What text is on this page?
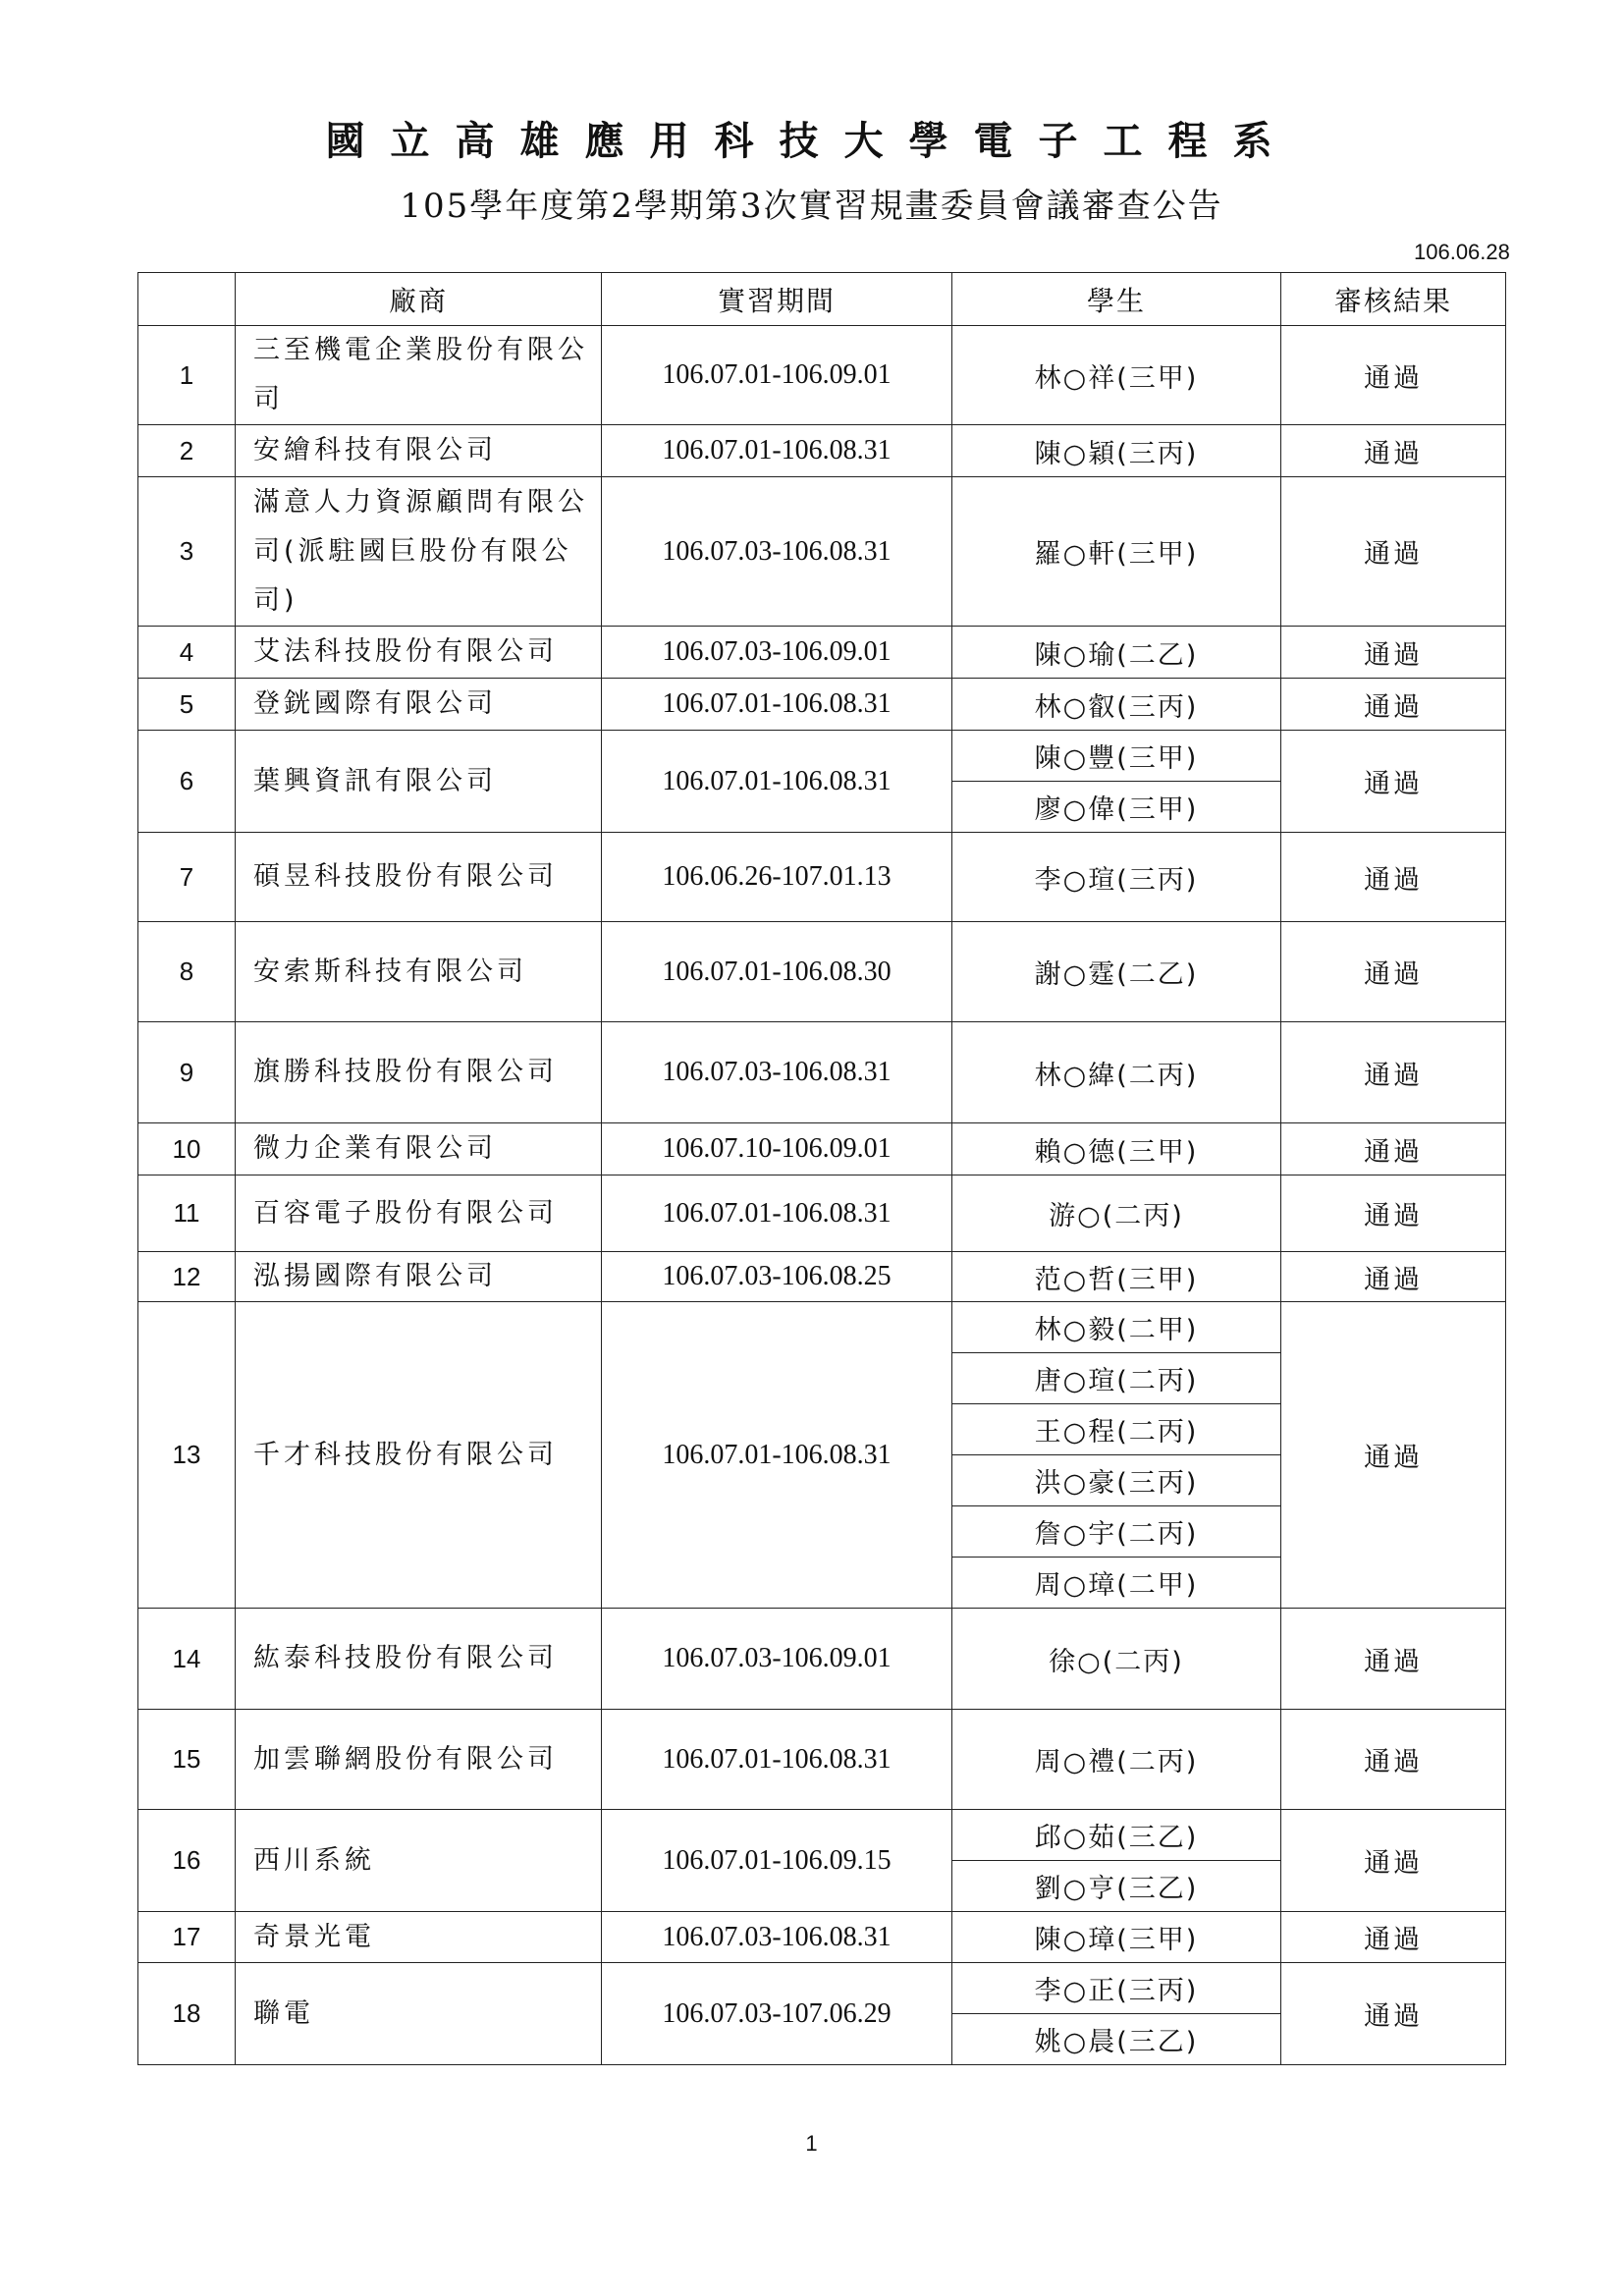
國立高雄應用科技大學電子工程系
105學年度第2學期第3次實習規畫委員會議審查公告
106.06.28
	廠商	實習期間	學生	審核結果
1	三至機電企業股份有限公司	106.07.01-106.09.01	林○祥(三甲)	通過
2	安繪科技有限公司	106.07.01-106.08.31	陳○穎(三丙)	通過
3	滿意人力資源顧問有限公司(派駐國巨股份有限公司)	106.07.03-106.08.31	羅○軒(三甲)	通過
4	艾法科技股份有限公司	106.07.03-106.09.01	陳○瑜(二乙)	通過
5	登銧國際有限公司	106.07.01-106.08.31	林○叡(三丙)	通過
6	葉興資訊有限公司	106.07.01-106.08.31	陳○豐(三甲)	通過
			廖○偉(三甲)	
7	碩昱科技股份有限公司	106.06.26-107.01.13	李○瑄(三丙)	通過
8	安索斯科技有限公司	106.07.01-106.08.30	謝○霆(二乙)	通過
9	旗勝科技股份有限公司	106.07.03-106.08.31	林○緯(二丙)	通過
10	微力企業有限公司	106.07.10-106.09.01	賴○德(三甲)	通過
11	百容電子股份有限公司	106.07.01-106.08.31	游○(二丙)	通過
12	泓揚國際有限公司	106.07.03-106.08.25	范○哲(三甲)	通過
13	千才科技股份有限公司	106.07.01-106.08.31	林○毅(二甲)	通過
			唐○瑄(二丙)	
			王○程(二丙)	
			洪○豪(三丙)	
			詹○宇(二丙)	
			周○璋(二甲)	
14	紘泰科技股份有限公司	106.07.03-106.09.01	徐○(二丙)	通過
15	加雲聯網股份有限公司	106.07.01-106.08.31	周○禮(二丙)	通過
16	西川系統	106.07.01-106.09.15	邱○茹(三乙)	通過
			劉○亨(三乙)	
17	奇景光電	106.07.03-106.08.31	陳○璋(三甲)	通過
18	聯電	106.07.03-107.06.29	李○正(三丙)	通過
			姚○晨(三乙)	
1
